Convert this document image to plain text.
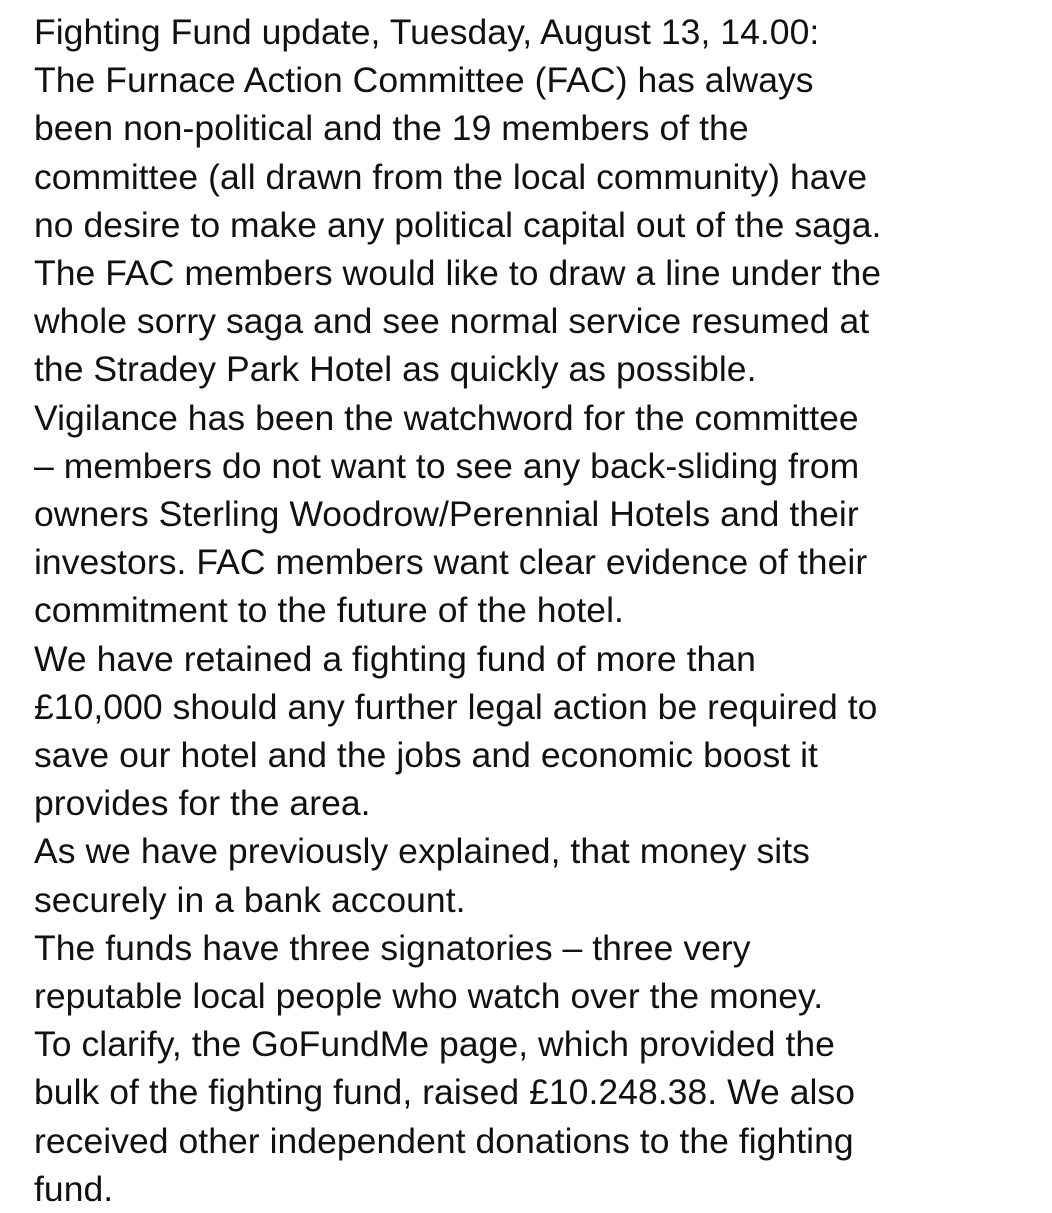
Fighting Fund update, Tuesday, August 13, 14.00:
The Furnace Action Committee (FAC) has always
been non-political and the 19 members of the
committee (all drawn from the local community) have
no desire to make any political capital out of the saga.
The FAC members would like to draw a line under the
whole sorry saga and see normal service resumed at
the Stradey Park Hotel as quickly as possible.
Vigilance has been the watchword for the committee
– members do not want to see any back-sliding from
owners Sterling Woodrow/Perennial Hotels and their
investors. FAC members want clear evidence of their
commitment to the future of the hotel.
We have retained a fighting fund of more than
£10,000 should any further legal action be required to
save our hotel and the jobs and economic boost it
provides for the area.
As we have previously explained, that money sits
securely in a bank account.
The funds have three signatories – three very
reputable local people who watch over the money.
To clarify, the GoFundMe page, which provided the
bulk of the fighting fund, raised £10.248.38. We also
received other independent donations to the fighting
fund.
